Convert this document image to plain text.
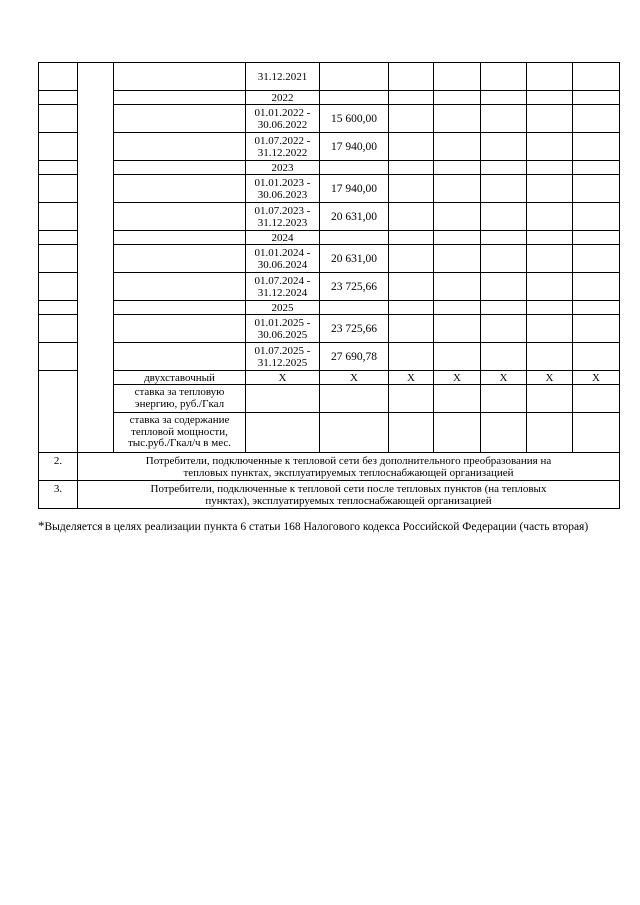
			31.12.2021						
			2022						
			01.01.2022 - 30.06.2022	15 600,00					
			01.07.2022 - 31.12.2022	17 940,00					
			2023						
			01.01.2023 - 30.06.2023	17 940,00					
			01.07.2023 - 31.12.2023	20 631,00					
			2024						
			01.01.2024 - 30.06.2024	20 631,00					
			01.07.2024 - 31.12.2024	23 725,66					
			2025						
			01.01.2025 - 30.06.2025	23 725,66					
			01.07.2025 - 31.12.2025	27 690,78					
		двухставочный	Х	Х	Х	Х	Х	Х	Х
		ставка за тепловую энергию, руб./Гкал							
		ставка за содержание тепловой мощности, тыс.руб./Гкал/ч в мес.							
2.	Потребители, подключенные к тепловой сети без дополнительного преобразования на тепловых пунктах, эксплуатируемых теплоснабжающей организацией								
3.	Потребители, подключенные к тепловой сети после тепловых пунктов (на тепловых пунктах), эксплуатируемых теплоснабжающей организацией								
*Выделяется в целях реализации пункта 6 статьи 168 Налогового кодекса Российской Федерации (часть вторая)
